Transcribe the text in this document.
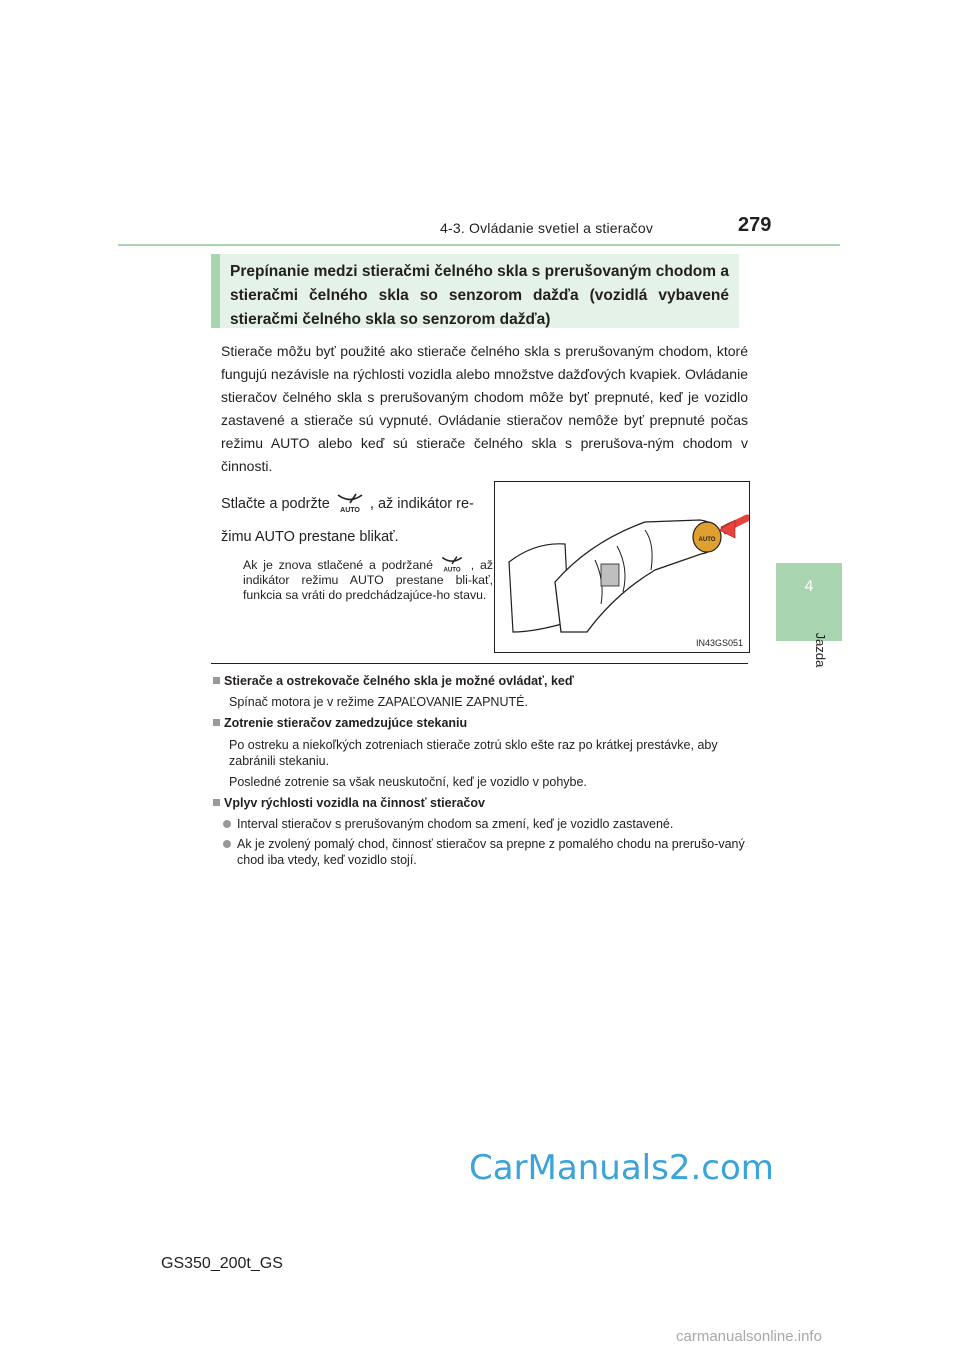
4-3. Ovládanie svetiel a stieračov	279
4
Jazda
Prepínanie medzi stieračmi čelného skla s prerušovaným chodom a stieračmi čelného skla so senzorom dažďa (vozidlá vybavené stieračmi čelného skla so senzorom dažďa)
Stierače môžu byť použité ako stierače čelného skla s prerušovaným chodom, ktoré fungujú nezávisle na rýchlosti vozidla alebo množstve dažďových kvapiek. Ovládanie stieračov čelného skla s prerušovaným chodom môže byť prepnuté, keď je vozidlo zastavené a stierače sú vypnuté. Ovládanie stieračov nemôže byť prepnuté počas režimu AUTO alebo keď sú stierače čelného skla s prerušova-ným chodom v činnosti.
Stlačte a podržte AUTO , až indikátor re-žimu AUTO prestane blikať.
Ak je znova stlačené a podržané AUTO , až indikátor režimu AUTO prestane bli-kať, funkcia sa vráti do predchádzajúce-ho stavu.
AUTO
IN43GS051
Stierače a ostrekovače čelného skla je možné ovládať, keď
Spínač motora je v režime ZAPAĽOVANIE ZAPNUTÉ.
Zotrenie stieračov zamedzujúce stekaniu
Po ostreku a niekoľkých zotreniach stierače zotrú sklo ešte raz po krátkej prestávke, aby zabránili stekaniu.
Posledné zotrenie sa však neuskutoční, keď je vozidlo v pohybe.
Vplyv rýchlosti vozidla na činnosť stieračov
Interval stieračov s prerušovaným chodom sa zmení, keď je vozidlo zastavené.
Ak je zvolený pomalý chod, činnosť stieračov sa prepne z pomalého chodu na prerušo-vaný chod iba vtedy, keď vozidlo stojí.
GS350_200t_GS
CarManuals2.com
carmanualsonline.info
